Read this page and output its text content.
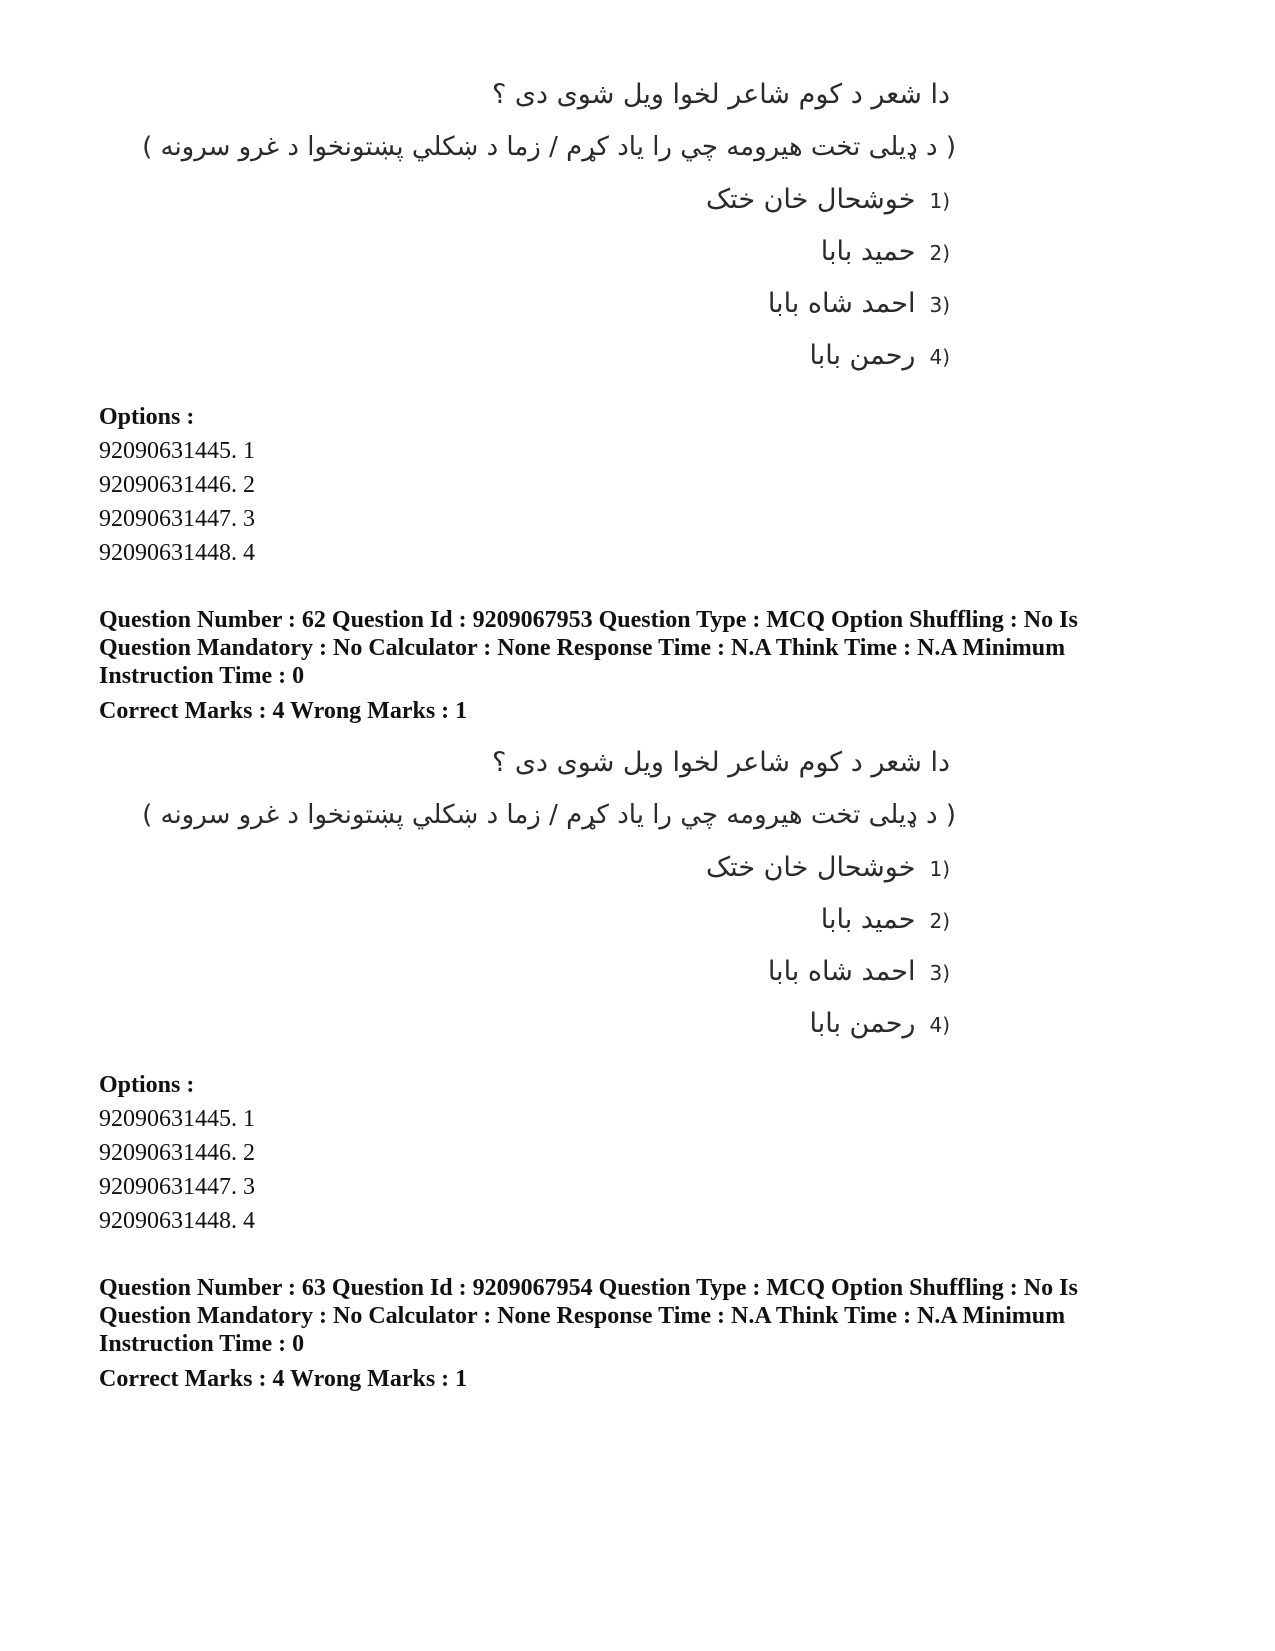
دا شعر د کوم شاعر لخوا ویل شوی دی ؟
( د ډیلی تخت هیرومه چي را یاد کړم / زما د ښکلي پښتونخوا د غرو سرونه )
(1خوشحال خان ختک
(2حمید بابا
(3احمد شاه بابا
(4رحمن بابا
Options :
92090631445. 1
92090631446. 2
92090631447. 3
92090631448. 4
Question Number : 62 Question Id : 9209067953 Question Type : MCQ Option Shuffling : No Is
Question Mandatory : No Calculator : None Response Time : N.A Think Time : N.A Minimum
Instruction Time : 0
Correct Marks : 4 Wrong Marks : 1
دا شعر د کوم شاعر لخوا ویل شوی دی ؟
( د ډیلی تخت هیرومه چي را یاد کړم / زما د ښکلي پښتونخوا د غرو سرونه )
(1خوشحال خان ختک
(2حمید بابا
(3احمد شاه بابا
(4رحمن بابا
Options :
92090631445. 1
92090631446. 2
92090631447. 3
92090631448. 4
Question Number : 63 Question Id : 9209067954 Question Type : MCQ Option Shuffling : No Is
Question Mandatory : No Calculator : None Response Time : N.A Think Time : N.A Minimum
Instruction Time : 0
Correct Marks : 4 Wrong Marks : 1
